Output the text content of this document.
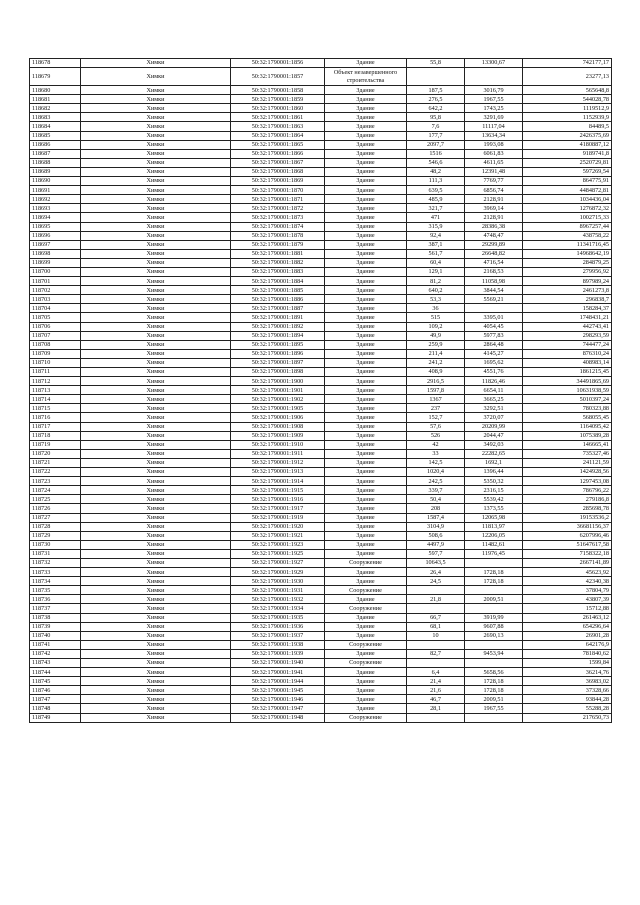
118678	Химки	50:32:1790001:1856	Здание	55,8	13300,67	742177,17
118679	Химки	50:32:1790001:1857	Объект незавершенного строительства			23277,13
118680	Химки	50:32:1790001:1858	Здание	187,5	3016,79	565648,8
118681	Химки	50:32:1790001:1859	Здание	276,5	1967,55	544028,78
118682	Химки	50:32:1790001:1860	Здание	642,2	1743,25	1119512,9
118683	Химки	50:32:1790001:1861	Здание	95,8	3291,69	1152939,9
118684	Химки	50:32:1790001:1863	Здание	7,6	11117,04	84489,5
118685	Химки	50:32:1790001:1864	Здание	177,7	13634,34	2426375,69
118686	Химки	50:32:1790001:1865	Здание	2097,7	1993,08	4180887,12
118687	Химки	50:32:1790001:1866	Здание	1516	6061,83	9189741,8
118688	Химки	50:32:1790001:1867	Здание	546,6	4611,65	2520729,81
118689	Химки	50:32:1790001:1868	Здание	48,2	12391,48	597269,54
118690	Химки	50:32:1790001:1869	Здание	111,3	7769,77	864775,91
118691	Химки	50:32:1790001:1870	Здание	639,5	6856,74	4484872,81
118692	Химки	50:32:1790001:1871	Здание	485,9	2128,91	1034436,04
118693	Химки	50:32:1790001:1872	Здание	321,7	3969,14	1276872,32
118694	Химки	50:32:1790001:1873	Здание	471	2128,91	1002715,33
118695	Химки	50:32:1790001:1874	Здание	315,9	28386,38	8967257,44
118696	Химки	50:32:1790001:1878	Здание	92,4	4748,47	438758,22
118697	Химки	50:32:1790001:1879	Здание	387,1	29299,89	11341716,45
118698	Химки	50:32:1790001:1881	Здание	561,7	26648,82	14968642,19
118699	Химки	50:32:1790001:1882	Здание	60,4	4716,54	284879,25
118700	Химки	50:32:1790001:1883	Здание	129,1	2168,53	279956,92
118701	Химки	50:32:1790001:1884	Здание	81,2	11058,98	897989,24
118702	Химки	50:32:1790001:1885	Здание	640,2	3844,54	2461273,8
118703	Химки	50:32:1790001:1886	Здание	53,3	5569,21	296838,7
118704	Химки	50:32:1790001:1887	Здание	36		158284,37
118705	Химки	50:32:1790001:1891	Здание	515	3395,01	1748431,21
118706	Химки	50:32:1790001:1892	Здание	109,2	4054,45	442743,41
118707	Химки	50:32:1790001:1894	Здание	49,9	5977,83	298293,59
118708	Химки	50:32:1790001:1895	Здание	259,9	2864,48	744477,24
118709	Химки	50:32:1790001:1896	Здание	211,4	4145,27	876310,24
118710	Химки	50:32:1790001:1897	Здание	241,2	1695,62	408983,14
118711	Химки	50:32:1790001:1898	Здание	408,9	4551,76	1861215,45
118712	Химки	50:32:1790001:1900	Здание	2916,5	11826,46	34491865,69
118713	Химки	50:32:1790001:1901	Здание	1597,8	6654,11	10631938,59
118714	Химки	50:32:1790001:1902	Здание	1367	3665,25	5010397,24
118715	Химки	50:32:1790001:1905	Здание	237	3292,51	780323,88
118716	Химки	50:32:1790001:1906	Здание	152,7	3720,07	568055,45
118717	Химки	50:32:1790001:1908	Здание	57,6	20209,99	1164095,42
118718	Химки	50:32:1790001:1909	Здание	526	2044,47	1075389,28
118719	Химки	50:32:1790001:1910	Здание	42	3492,03	146665,41
118720	Химки	50:32:1790001:1911	Здание	33	22282,65	735327,46
118721	Химки	50:32:1790001:1912	Здание	142,5	1692,1	241121,59
118722	Химки	50:32:1790001:1913	Здание	1020,4	1396,44	1424928,56
118723	Химки	50:32:1790001:1914	Здание	242,5	5350,32	1297453,08
118724	Химки	50:32:1790001:1915	Здание	339,7	2316,15	786796,22
118725	Химки	50:32:1790001:1916	Здание	50,4	5539,42	279186,8
118726	Химки	50:32:1790001:1917	Здание	208	1373,55	285698,78
118727	Химки	50:32:1790001:1919	Здание	1587,4	12065,98	19153536,2
118728	Химки	50:32:1790001:1920	Здание	3104,9	11813,97	36681156,37
118729	Химки	50:32:1790001:1921	Здание	508,6	12206,05	6207996,46
118730	Химки	50:32:1790001:1923	Здание	4497,9	11482,61	51647617,58
118731	Химки	50:32:1790001:1925	Здание	597,7	11976,45	7158322,18
118732	Химки	50:32:1790001:1927	Сооружение	10643,5		2667141,89
118733	Химки	50:32:1790001:1929	Здание	26,4	1728,18	45623,92
118734	Химки	50:32:1790001:1930	Здание	24,5	1728,18	42340,38
118735	Химки	50:32:1790001:1931	Сооружение			37804,79
118736	Химки	50:32:1790001:1932	Здание	21,8	2009,51	43807,39
118737	Химки	50:32:1790001:1934	Сооружение			15712,88
118738	Химки	50:32:1790001:1935	Здание	66,7	3919,99	261463,12
118739	Химки	50:32:1790001:1936	Здание	68,1	9607,88	654296,64
118740	Химки	50:32:1790001:1937	Здание	10	2690,13	26901,28
118741	Химки	50:32:1790001:1938	Сооружение			642176,9
118742	Химки	50:32:1790001:1939	Здание	82,7	9453,94	781840,62
118743	Химки	50:32:1790001:1940	Сооружение			1599,84
118744	Химки	50:32:1790001:1941	Здание	6,4	5658,56	36214,76
118745	Химки	50:32:1790001:1944	Здание	21,4	1728,18	36983,02
118746	Химки	50:32:1790001:1945	Здание	21,6	1728,18	37328,66
118747	Химки	50:32:1790001:1946	Здание	46,7	2009,51	93844,28
118748	Химки	50:32:1790001:1947	Здание	28,1	1967,55	55288,28
118749	Химки	50:32:1790001:1948	Сооружение			217650,73
